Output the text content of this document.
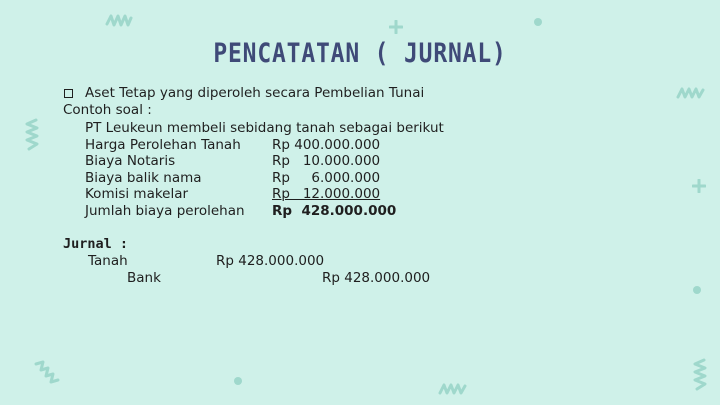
PENCATATAN ( JURNAL)
Aset Tetap yang diperoleh secara Pembelian Tunai
Contoh soal :
PT Leukeun membeli sebidang tanah sebagai berikut
Harga Perolehan Tanah Rp 400.000.000
Biaya Notaris	Rp   10.000.000
Biaya balik nama	Rp     6.000.000
Komisi makelar	Rp   12.000.000
Jumlah biaya perolehan Rp  428.000.000
Jurnal :
Tanah	Rp 428.000.000
Bank	Rp 428.000.000
